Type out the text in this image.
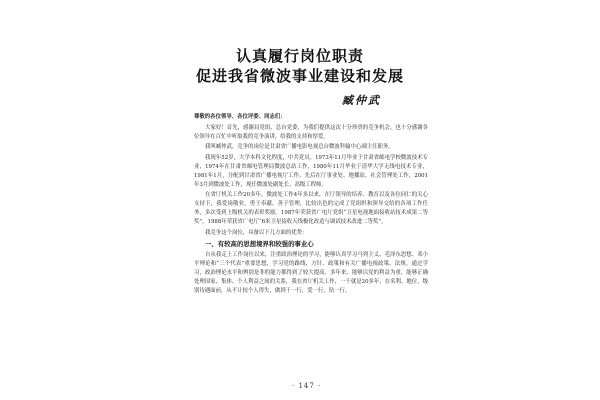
认真履行岗位职责
促进我省微波事业建设和发展
臧仲武
尊敬的各位领导、各位评委、同志们：

大家好！首先，感谢局党组、总台党委，为我们提供这次十分珍贵的竞争机会，也十分感谢各位领导在百忙中听取我的竞争演讲，给我的支持和厚爱。

我叫臧仲武，竞争的岗位是甘肃省广播电影电视总台微波科输中心副主任职务。

我现年52岁，大学本科文化程度，中共党员。1973年11月毕业于甘肃省邮电学校微波技术专业，1974年在甘肃省邮电管理局微波总站工作，1980年11月毕业于清华大学无线电技术专业，1981年1月，分配到甘肃省广播电视厅工作，先后在厅事业处、地播站、社会管理处工作，2001年3月到微波处工作，现任微波处副处长、高级工程师。

在省厅机关工作20多年，微波处工作4年多以来，在厅领导的培养、教育以及各位同仁的关心支持下，我爱岗敬业，勇于奉献，善于管理，比较出色的完成了党组织和领导交给的各项工作任务，多次受到上级机关的表彰奖励。1987年荣获省广电厅党组“卫星电视地面接收站技术成果二等奖”，1988年荣获省广电厅“6米卫星接收天线极化改造与调试技术改进二等奖”。

我竞争这个岗位，具备以下几方面的优势：

一、有较高的思想境界和较强的事业心

自从我走上工作岗位以来，注重政治理论的学习，能够认真学习马列主义、毛泽东思想、邓小平理论和“三个代表”重要思想，学习党的路线、方针、政策和有关广播电视政策、法规。通过学习，政治理论水平和辨别是非的能力都得到了较大提高，多年来，能够以党的利益为重，能够正确处理国家、集体、个人利益之间的关系，我在省厅机关工作，一干就是20多年，在名利、地位、级别待遇面前，从不计较个人得失，做到干一行，爱一行，钻一行。

· 147 ·
